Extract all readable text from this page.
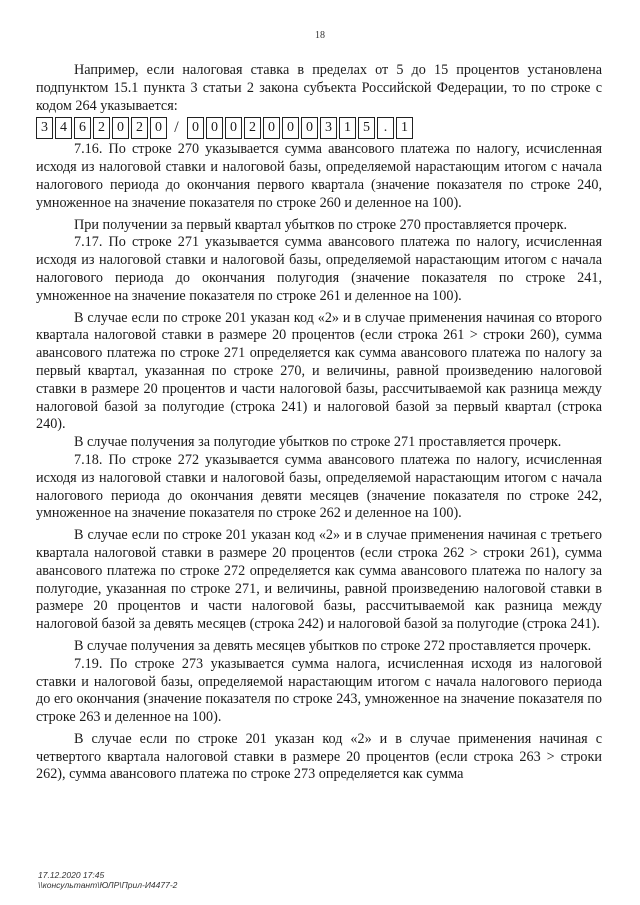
18

Например, если налоговая ставка в пределах от 5 до 15 процентов установлена подпунктом 15.1 пункта 3 статьи 2 закона субъекта Российской Федерации, то по строке с кодом 264 указывается:

3 4 6 2 0 2 0 / 0 0 0 2 0 0 0 3 1 5 . 1

7.16. По строке 270 указывается сумма авансового платежа по налогу, исчисленная исходя из налоговой ставки и налоговой базы, определяемой нарастающим итогом с начала налогового периода до окончания первого квартала (значение показателя по строке 240, умноженное на значение показателя по строке 260 и деленное на 100).

При получении за первый квартал убытков по строке 270 проставляется прочерк.

7.17. По строке 271 указывается сумма авансового платежа по налогу, исчисленная исходя из налоговой ставки и налоговой базы, определяемой нарастающим итогом с начала налогового периода до окончания полугодия (значение показателя по строке 241, умноженное на значение показателя по строке 261 и деленное на 100).

В случае если по строке 201 указан код «2» и в случае применения начиная со второго квартала налоговой ставки в размере 20 процентов (если строка 261 > строки 260), сумма авансового платежа по строке 271 определяется как сумма авансового платежа по налогу за первый квартал, указанная по строке 270, и величины, равной произведению налоговой ставки в размере 20 процентов и части налоговой базы, рассчитываемой как разница между налоговой базой за полугодие (строка 241) и налоговой базой за первый квартал (строка 240).

В случае получения за полугодие убытков по строке 271 проставляется прочерк.

7.18. По строке 272 указывается сумма авансового платежа по налогу, исчисленная исходя из налоговой ставки и налоговой базы, определяемой нарастающим итогом с начала налогового периода до окончания девяти месяцев (значение показателя по строке 242, умноженное на значение показателя по строке 262 и деленное на 100).

В случае если по строке 201 указан код «2» и в случае применения начиная с третьего квартала налоговой ставки в размере 20 процентов (если строка 262 > строки 261), сумма авансового платежа по строке 272 определяется как сумма авансового платежа по налогу за полугодие, указанная по строке 271, и величины, равной произведению налоговой ставки в размере 20 процентов и части налоговой базы, рассчитываемой как разница между налоговой базой за девять месяцев (строка 242) и налоговой базой за полугодие (строка 241).

В случае получения за девять месяцев убытков по строке 272 проставляется прочерк.

7.19. По строке 273 указывается сумма налога, исчисленная исходя из налоговой ставки и налоговой базы, определяемой нарастающим итогом с начала налогового периода до его окончания (значение показателя по строке 243, умноженное на значение показателя по строке 263 и деленное на 100).

В случае если по строке 201 указан код «2» и в случае применения начиная с четвертого квартала налоговой ставки в размере 20 процентов (если строка 263 > строки 262), сумма авансового платежа по строке 273 определяется как сумма

17.12.2020 17:45
\\консультант\ЮЛР\Прил-И4477-2
